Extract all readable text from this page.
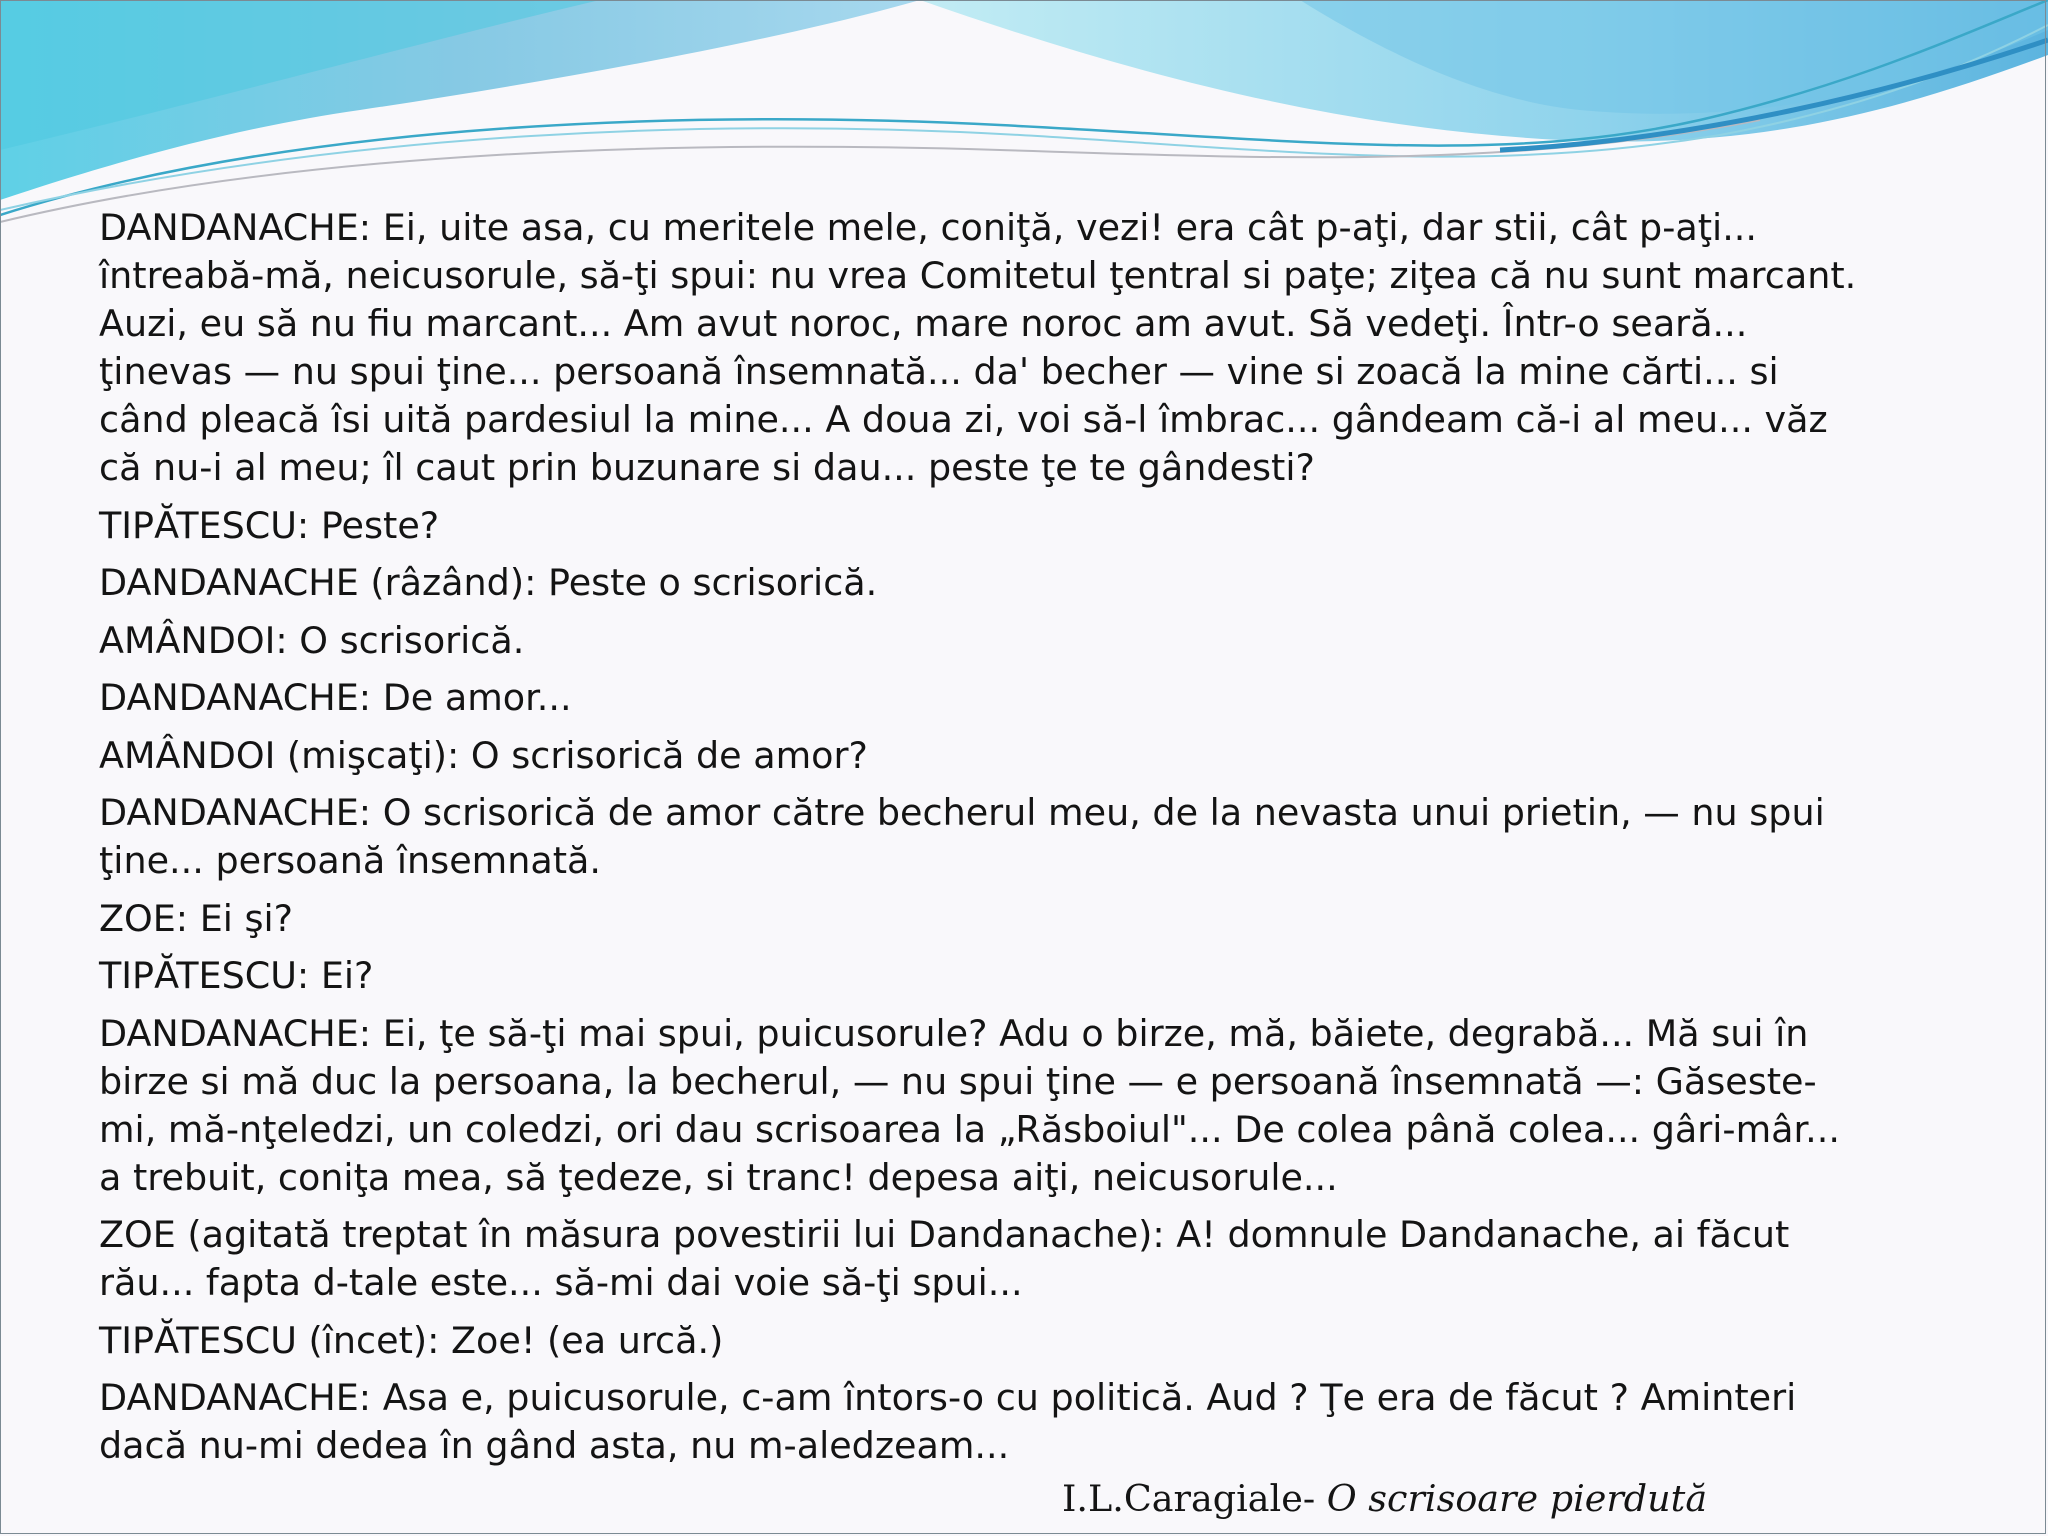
DANDANACHE: Ei, uite asa, cu meritele mele, coniţă, vezi! era cât p-aţi, dar stii, cât p-aţi...
întreabă-mă, neicusorule, să-ţi spui: nu vrea Comitetul ţentral si paţe; ziţea că nu sunt marcant.
Auzi, eu să nu fiu marcant... Am avut noroc, mare noroc am avut. Să vedeţi. Într-o seară...
ţinevas — nu spui ţine... persoană însemnată... da' becher — vine si zoacă la mine cărti... si
când pleacă îsi uită pardesiul la mine... A doua zi, voi să-l îmbrac... gândeam că-i al meu... văz
că nu-i al meu; îl caut prin buzunare si dau... peste ţe te gândesti?

TIPĂTESCU: Peste?

DANDANACHE (râzând): Peste o scrisorică.

AMÂNDOI: O scrisorică.

DANDANACHE: De amor...

AMÂNDOI (mişcaţi): O scrisorică de amor?

DANDANACHE: O scrisorică de amor către becherul meu, de la nevasta unui prietin, — nu spui
ţine... persoană însemnată.

ZOE: Ei şi?

TIPĂTESCU: Ei?

DANDANACHE: Ei, ţe să-ţi mai spui, puicusorule? Adu o birze, mă, băiete, degrabă... Mă sui în
birze si mă duc la persoana, la becherul, — nu spui ţine — e persoană însemnată —: Găseste-
mi, mă-nţeledzi, un coledzi, ori dau scrisoarea la „Răsboiul"... De colea până colea... gâri-mâr...
a trebuit, coniţa mea, să ţedeze, si tranc! depesa aiţi, neicusorule...

ZOE (agitată treptat în măsura povestirii lui Dandanache): A! domnule Dandanache, ai făcut
rău... fapta d-tale este... să-mi dai voie să-ţi spui...

TIPĂTESCU (încet): Zoe! (ea urcă.)

DANDANACHE: Asa e, puicusorule, c-am întors-o cu politică. Aud ? Ţe era de făcut ? Aminteri
dacă nu-mi dedea în gând asta, nu m-aledzeam...

I.L.Caragiale- O scrisoare pierdută
